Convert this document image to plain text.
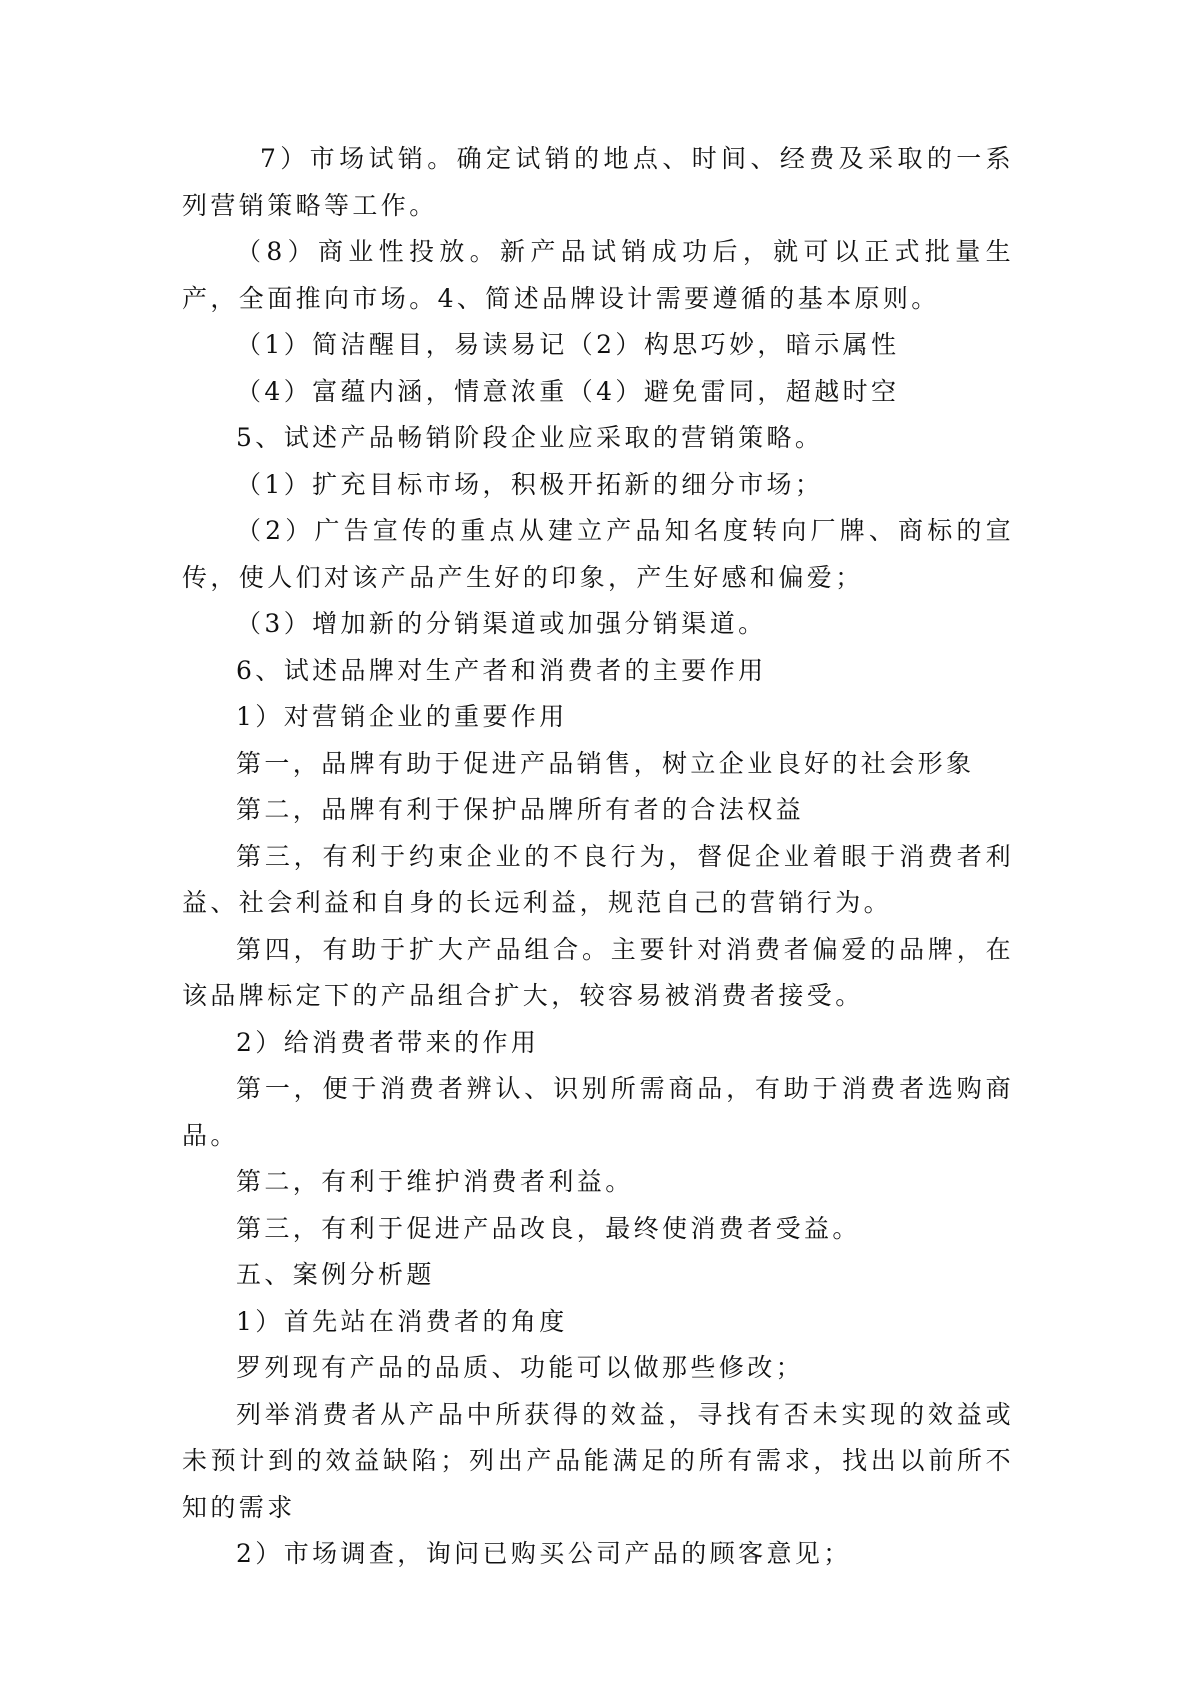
7）市场试销。确定试销的地点、时间、经费及采取的一系列营销策略等工作。

（8）商业性投放。新产品试销成功后，就可以正式批量生产，全面推向市场。4、简述品牌设计需要遵循的基本原则。

（1）简洁醒目，易读易记（2）构思巧妙，暗示属性

（4）富蕴内涵，情意浓重（4）避免雷同，超越时空

5、试述产品畅销阶段企业应采取的营销策略。

（1）扩充目标市场，积极开拓新的细分市场；

（2）广告宣传的重点从建立产品知名度转向厂牌、商标的宣传，使人们对该产品产生好的印象，产生好感和偏爱；

（3）增加新的分销渠道或加强分销渠道。

6、试述品牌对生产者和消费者的主要作用

1）对营销企业的重要作用

第一，品牌有助于促进产品销售，树立企业良好的社会形象

第二，品牌有利于保护品牌所有者的合法权益

第三，有利于约束企业的不良行为，督促企业着眼于消费者利益、社会利益和自身的长远利益，规范自己的营销行为。

第四，有助于扩大产品组合。主要针对消费者偏爱的品牌，在该品牌标定下的产品组合扩大，较容易被消费者接受。

2）给消费者带来的作用

第一，便于消费者辨认、识别所需商品，有助于消费者选购商品。

第二，有利于维护消费者利益。

第三，有利于促进产品改良，最终使消费者受益。

五、案例分析题

1）首先站在消费者的角度

罗列现有产品的品质、功能可以做那些修改；

列举消费者从产品中所获得的效益，寻找有否未实现的效益或未预计到的效益缺陷；列出产品能满足的所有需求，找出以前所不知的需求

2）市场调查，询问已购买公司产品的顾客意见；
